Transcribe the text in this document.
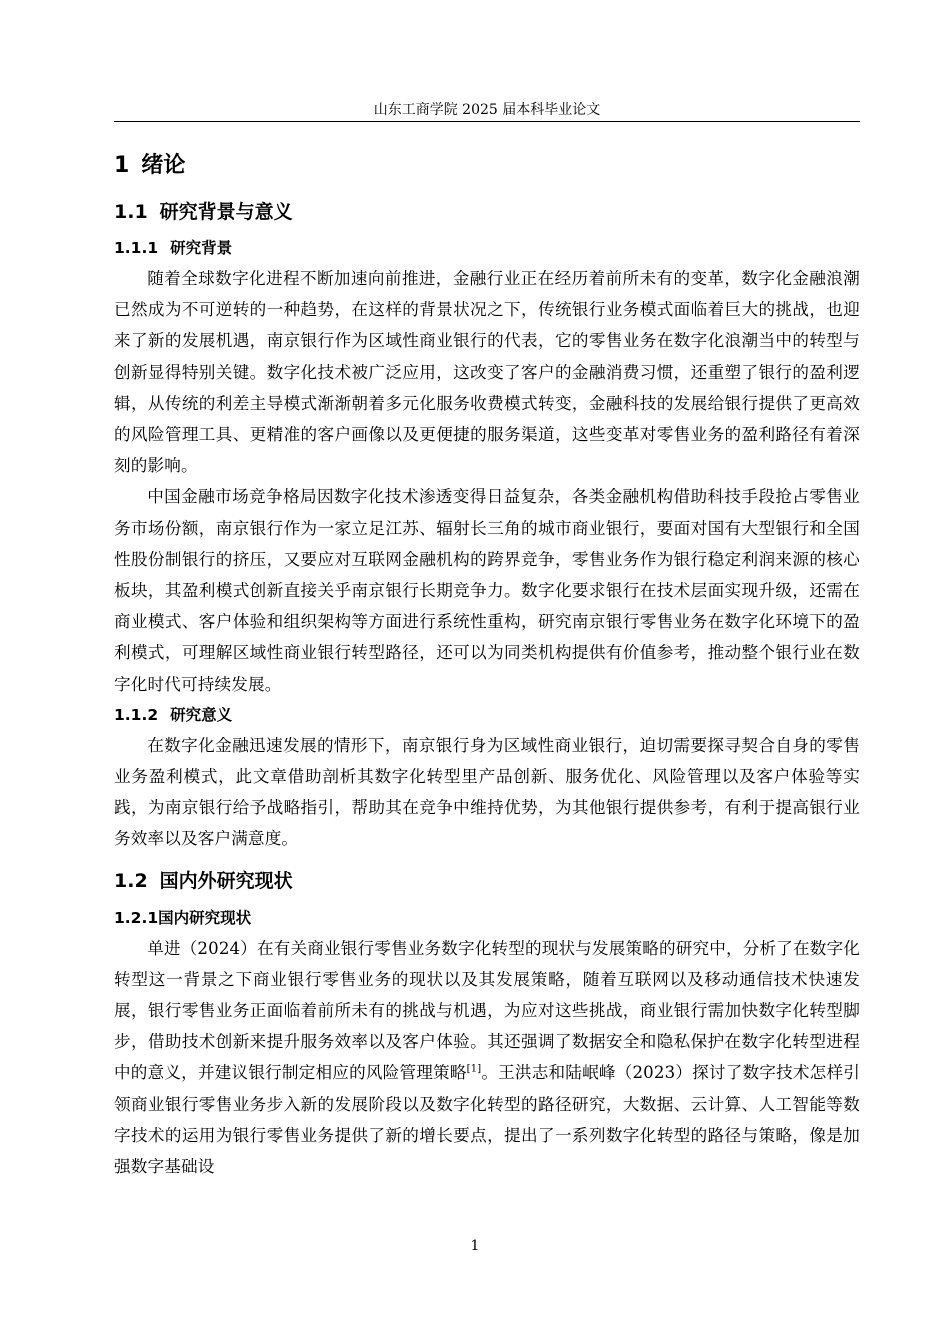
山东工商学院 2025 届本科毕业论文
1 绪论
1.1 研究背景与意义
1.1.1 研究背景

随着全球数字化进程不断加速向前推进，金融行业正在经历着前所未有的变革，数字化金融浪潮已然成为不可逆转的一种趋势，在这样的背景状况之下，传统银行业务模式面临着巨大的挑战，也迎来了新的发展机遇，南京银行作为区域性商业银行的代表，它的零售业务在数字化浪潮当中的转型与创新显得特别关键。数字化技术被广泛应用，这改变了客户的金融消费习惯，还重塑了银行的盈利逻辑，从传统的利差主导模式渐渐朝着多元化服务收费模式转变，金融科技的发展给银行提供了更高效的风险管理工具、更精准的客户画像以及更便捷的服务渠道，这些变革对零售业务的盈利路径有着深刻的影响。

中国金融市场竞争格局因数字化技术渗透变得日益复杂，各类金融机构借助科技手段抢占零售业务市场份额，南京银行作为一家立足江苏、辐射长三角的城市商业银行，要面对国有大型银行和全国性股份制银行的挤压，又要应对互联网金融机构的跨界竞争，零售业务作为银行稳定利润来源的核心板块，其盈利模式创新直接关乎南京银行长期竞争力。数字化要求银行在技术层面实现升级，还需在商业模式、客户体验和组织架构等方面进行系统性重构，研究南京银行零售业务在数字化环境下的盈利模式，可理解区域性商业银行转型路径，还可以为同类机构提供有价值参考，推动整个银行业在数字化时代可持续发展。

1.1.2 研究意义

在数字化金融迅速发展的情形下，南京银行身为区域性商业银行，迫切需要探寻契合自身的零售业务盈利模式，此文章借助剖析其数字化转型里产品创新、服务优化、风险管理以及客户体验等实践，为南京银行给予战略指引，帮助其在竞争中维持优势，为其他银行提供参考，有利于提高银行业务效率以及客户满意度。

1.2 国内外研究现状
1.2.1国内研究现状

单进（2024）在有关商业银行零售业务数字化转型的现状与发展策略的研究中，分析了在数字化转型这一背景之下商业银行零售业务的现状以及其发展策略，随着互联网以及移动通信技术快速发展，银行零售业务正面临着前所未有的挑战与机遇，为应对这些挑战，商业银行需加快数字化转型脚步，借助技术创新来提升服务效率以及客户体验。其还强调了数据安全和隐私保护在数字化转型进程中的意义，并建议银行制定相应的风险管理策略[1]。王洪志和陆岷峰（2023）探讨了数字技术怎样引领商业银行零售业务步入新的发展阶段以及数字化转型的路径研究，大数据、云计算、人工智能等数字技术的运用为银行零售业务提供了新的增长要点，提出了一系列数字化转型的路径与策略，像是加强数字基础设

1
